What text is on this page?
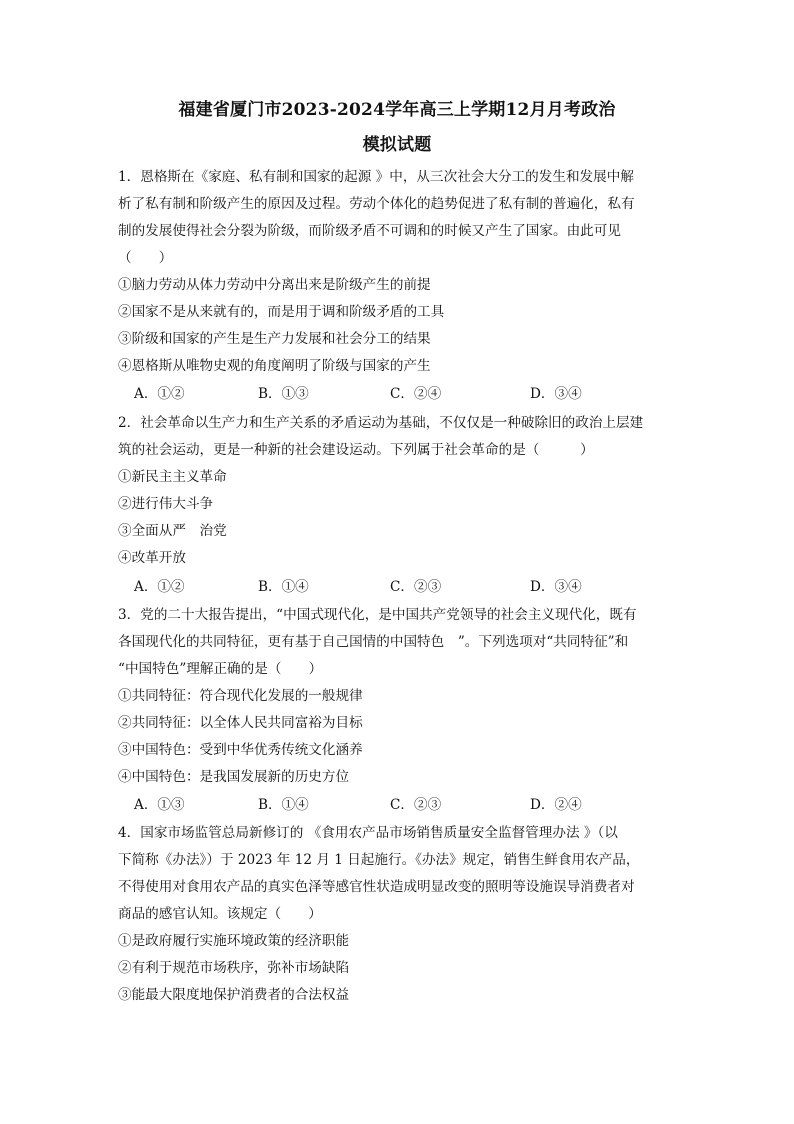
福建省厦门市2023-2024学年高三上学期12月月考政治
模拟试题
1．恩格斯在《家庭、私有制和国家的起源 》中，从三次社会大分工的发生和发展中解
析了私有制和阶级产生的原因及过程。劳动个体化的趋势促进了私有制的普遍化，私有
制的发展使得社会分裂为阶级，而阶级矛盾不可调和的时候又产生了国家。由此可见
（　　）
①脑力劳动从体力劳动中分离出来是阶级产生的前提
②国家不是从来就有的，而是用于调和阶级矛盾的工具
③阶级和国家的产生是生产力发展和社会分工的结果
④恩格斯从唯物史观的角度阐明了阶级与国家的产生
A．①②	B．①③	C．②④	D．③④
2．社会革命以生产力和生产关系的矛盾运动为基础，不仅仅是一种破除旧的政治上层建
筑的社会运动，更是一种新的社会建设运动。下列属于社会革命的是（　　　）
①新民主主义革命
②进行伟大斗争
③全面从严　治党
④改革开放
A．①②	B．①④	C．②③	D．③④
3．党的二十大报告提出，“中国式现代化，是中国共产党领导的社会主义现代化，既有
各国现代化的共同特征，更有基于自己国情的中国特色　”。下列选项对“共同特征”和
“中国特色”理解正确的是（　　）
①共同特征：符合现代化发展的一般规律
②共同特征：以全体人民共同富裕为目标
③中国特色：受到中华优秀传统文化涵养
④中国特色：是我国发展新的历史方位
A．①③	B．①④	C．②③	D．②④
4．国家市场监管总局新修订的 《食用农产品市场销售质量安全监督管理办法 》（以
下简称《办法》）于 2023 年 12 月 1 日起施行。《办法》规定，销售生鲜食用农产品，
不得使用对食用农产品的真实色泽等感官性状造成明显改变的照明等设施误导消费者对
商品的感官认知。该规定（　　）
①是政府履行实施环境政策的经济职能
②有利于规范市场秩序，弥补市场缺陷
③能最大限度地保护消费者的合法权益
